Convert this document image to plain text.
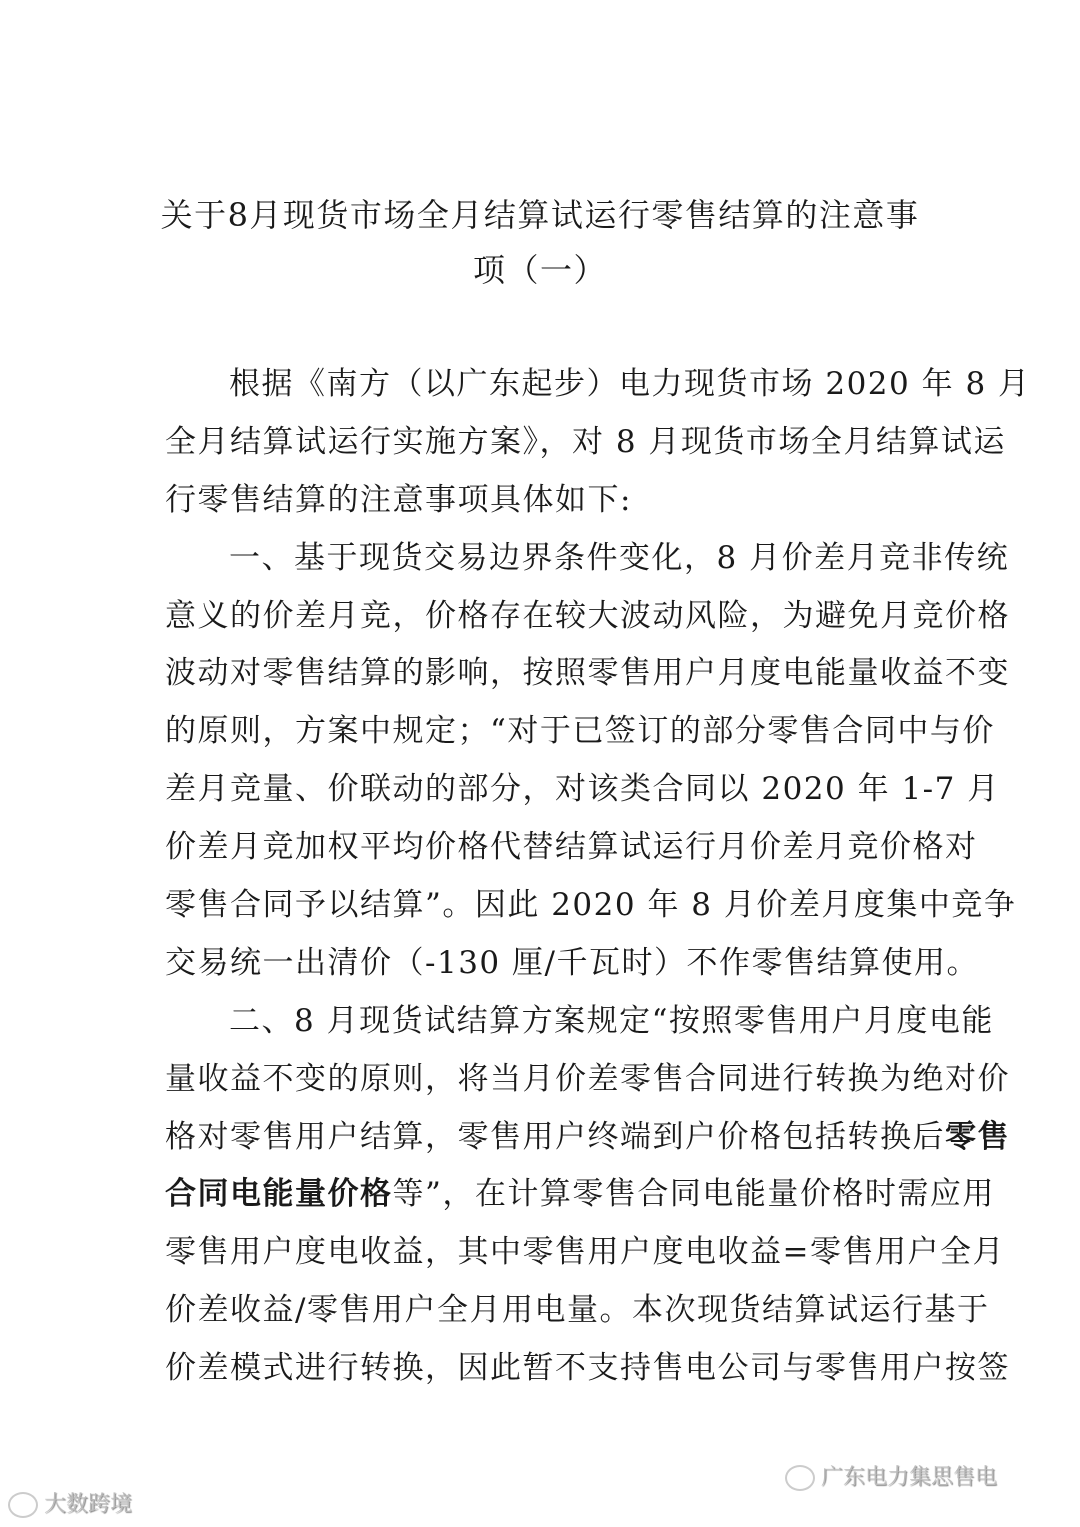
关于8月现货市场全月结算试运行零售结算的注意事
项（一）
根据《南方（以广东起步）电力现货市场 2020 年 8 月
全月结算试运行实施方案》，对 8 月现货市场全月结算试运
行零售结算的注意事项具体如下:
一、基于现货交易边界条件变化，8 月价差月竞非传统
意义的价差月竞，价格存在较大波动风险，为避免月竞价格
波动对零售结算的影响，按照零售用户月度电能量收益不变
的原则，方案中规定；“对于已签订的部分零售合同中与价
差月竞量、价联动的部分，对该类合同以 2020 年 1-7 月
价差月竞加权平均价格代替结算试运行月价差月竞价格对
零售合同予以结算”。因此 2020 年 8 月价差月度集中竞争
交易统一出清价（-130 厘/千瓦时）不作零售结算使用。
二、8 月现货试结算方案规定“按照零售用户月度电能
量收益不变的原则，将当月价差零售合同进行转换为绝对价
格对零售用户结算，零售用户终端到户价格包括转换后零售
合同电能量价格等”，在计算零售合同电能量价格时需应用
零售用户度电收益，其中零售用户度电收益=零售用户全月
价差收益/零售用户全月用电量。本次现货结算试运行基于
价差模式进行转换，因此暂不支持售电公司与零售用户按签
大数跨境
广东电力集思售电
